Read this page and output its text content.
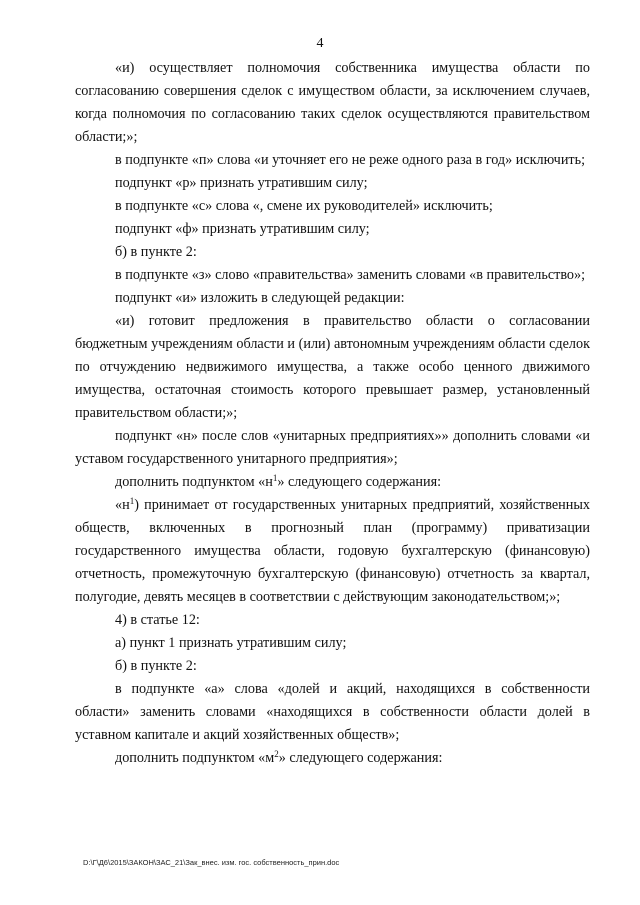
4

«и) осуществляет полномочия собственника имущества области по согласованию совершения сделок с имуществом области, за исключением случаев, когда полномочия по согласованию таких сделок осуществляются правительством области;»;

в подпункте «п» слова «и уточняет его не реже одного раза в год» исключить;

подпункт «р» признать утратившим силу;

в подпункте «с» слова «, смене их руководителей» исключить;

подпункт «ф» признать утратившим силу;

б) в пункте 2:

в подпункте «з» слово «правительства» заменить словами «в правительство»;

подпункт «и» изложить в следующей редакции:

«и) готовит предложения в правительство области о согласовании бюджетным учреждениям области и (или) автономным учреждениям области сделок по отчуждению недвижимого имущества, а также особо ценного движимого имущества, остаточная стоимость которого превышает размер, установленный правительством области;»;

подпункт «н» после слов «унитарных предприятиях»» дополнить словами «и уставом государственного унитарного предприятия»;

дополнить подпунктом «$н^1$» следующего содержания:

«$н^1$) принимает от государственных унитарных предприятий, хозяйственных обществ, включенных в прогнозный план (программу) приватизации государственного имущества области, годовую бухгалтерскую (финансовую) отчетность, промежуточную бухгалтерскую (финансовую) отчетность за квартал, полугодие, девять месяцев в соответствии с действующим законодательством;»;

4) в статье 12:

а) пункт 1 признать утратившим силу;

б) в пункте 2:

в подпункте «а» слова «долей и акций, находящихся в собственности области» заменить словами «находящихся в собственности области долей в уставном капитале и акций хозяйственных обществ»;

дополнить подпунктом «$м^2$» следующего содержания:

D:\Г\Д6\2015\ЗАКОН\ЗАС_21\Зак_внес. изм. гос. собственность_прин.doc
